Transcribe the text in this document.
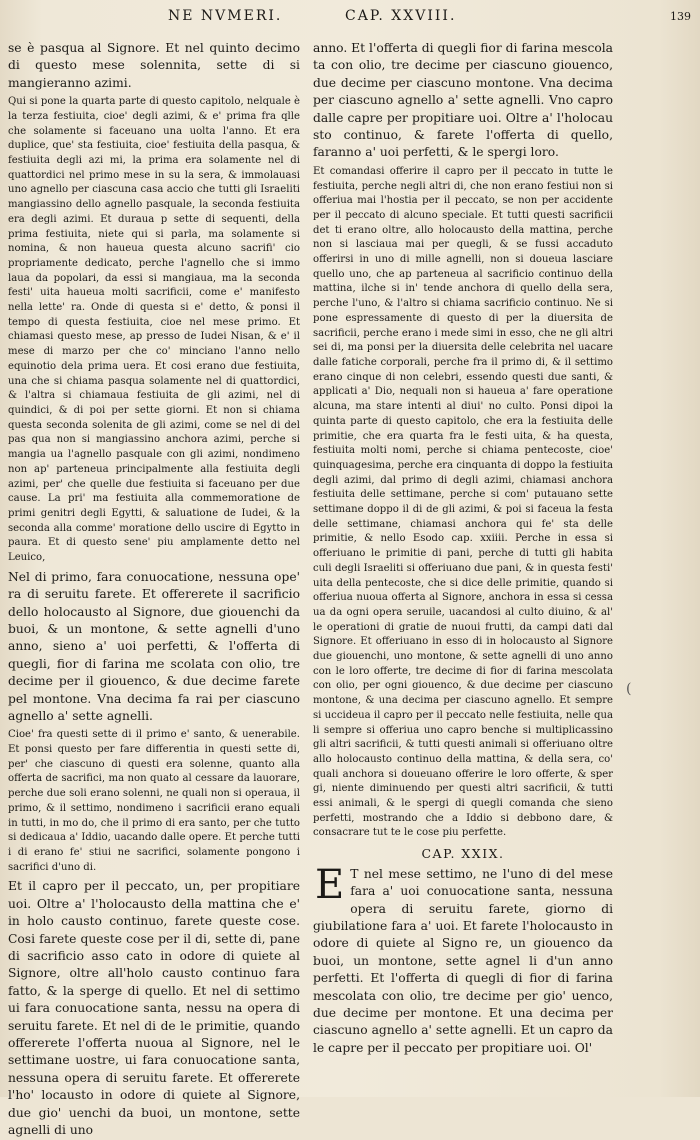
NE NVMERI.	CAP. XXVIII.	139

se è pasqua al Signore. Et nel quinto decimo di questo mese solennita, sette di si mangieranno azimi.

Qui si pone la quarta parte di questo capitolo, nelquale è la terza festiuita, cioe' degli azimi, & e' prima fra qlle che solamente si faceuano una uolta l'anno. Et era duplice, que' sta festiuita, cioe' festiuita della pasqua, & festiuita degli azi mi, la prima era solamente nel di quattordici nel primo mese in su la sera, & immolauasi uno agnello per ciascuna casa accio che tutti gli Israeliti mangiassino dello agnello pasquale, la seconda festiuita era degli azimi. Et duraua p sette di sequenti, della prima festiuita, niete qui si parla, ma solamente si nomina, & non haueua questa alcuno sacrifi' cio propriamente dedicato, perche l'agnello che si immo laua da popolari, da essi si mangiaua, ma la seconda festi' uita haueua molti sacrificii, come e' manifesto nella lette' ra. Onde di questa si e' detto, & ponsi il tempo di questa festiuita, cioe nel mese primo. Et chiamasi questo mese, ap presso de Iudei Nisan, & e' il mese di marzo per che co' minciano l'anno nello equinotio dela prima uera. Et cosi erano due festiuita, una che si chiama pasqua solamente nel di quattordici, & l'altra si chiamaua festiuita de gli azimi, nel di quindici, & di poi per sette giorni. Et non si chiama questa seconda solenita de gli azimi, come se nel di del pas qua non si mangiassino anchora azimi, perche si mangia ua l'agnello pasquale con gli azimi, nondimeno non ap' parteneua principalmente alla festiuita degli azimi, per' che quelle due festiuita si faceuano per due cause. La pri' ma festiuita alla commemoratione de primi genitri degli Egytti, & saluatione de Iudei, & la seconda alla comme' moratione dello uscire di Egytto in paura. Et di questo sene' piu amplamente detto nel Leuico,

Nel di primo, fara conuocatione, nessuna ope' ra di seruitu farete. Et offererete il sacrificio dello holocausto al Signore, due giouenchi da buoi, & un montone, & sette agnelli d'uno anno, sieno a' uoi perfetti, & l'offerta di quegli, fior di farina me scolata con olio, tre decime per il giouenco, & due decime farete pel montone. Vna decima fa rai per ciascuno agnello a' sette agnelli.

Cioe' fra questi sette di il primo e' santo, & uenerabile. Et ponsi questo per fare differentia in questi sette di, per' che ciascuno di questi era solenne, quanto alla offerta de sacrifici, ma non quato al cessare da lauorare, perche due soli erano solenni, ne quali non si operaua, il primo, & il settimo, nondimeno i sacrificii erano equali in tutti, in mo do, che il primo di era santo, per che tutto si dedicaua a' Iddio, uacando dalle opere. Et perche tutti i di erano fe' stiui ne sacrifici, solamente pongono i sacrifici d'uno di.

Et il capro per il peccato, un, per propitiare uoi. Oltre a' l'holocausto della mattina che e' in holo causto continuo, farete queste cose. Cosi farete queste cose per il di, sette di, pane di sacrificio asso cato in odore di quiete al Signore, oltre all'holo causto continuo fara fatto, & la sperge di quello. Et nel di settimo ui fara conuocatione santa, nessu na opera di seruitu farete. Et nel di de le primitie, quando offererete l'offerta nuoua al Signore, nel le settimane uostre, ui fara conuocatione santa, nessuna opera di seruitu farete. Et offererete l'ho' locausto in odore di quiete al Signore, due gio' uenchi da buoi, un montone, sette agnelli di uno

anno. Et l'offerta di quegli fior di farina mescola ta con olio, tre decime per ciascuno giouenco, due decime per ciascuno montone. Vna decima per ciascuno agnello a' sette agnelli. Vno capro dalle capre per propitiare uoi. Oltre a' l'holocau sto continuo, & farete l'offerta di quello, faranno a' uoi perfetti, & le spergi loro.

Et comandasi offerire il capro per il peccato in tutte le festiuita, perche negli altri di, che non erano festiui non si offeriua mai l'hostia per il peccato, se non per accidente per il peccato di alcuno speciale. Et tutti questi sacrificii det ti erano oltre, allo holocausto della mattina, perche non si lasciaua mai per quegli, & se fussi accaduto offerirsi in uno di mille agnelli, non si doueua lasciare quello uno, che ap parteneua al sacrificio continuo della mattina, ilche si in' tende anchora di quello della sera, perche l'uno, & l'altro si chiama sacrificio continuo. Ne si pone espressamente di questo di per la diuersita de sacrificii, perche erano i mede simi in esso, che ne gli altri sei di, ma ponsi per la diuersita delle celebrita nel uacare dalle fatiche corporali, perche fra il primo di, & il settimo erano cinque di non celebri, essendo questi due santi, & applicati a' Dio, nequali non si haueua a' fare operatione alcuna, ma stare intenti al diui' no culto. Ponsi dipoi la quinta parte di questo capitolo, che era la festiuita delle primitie, che era quarta fra le festi uita, & ha questa, festiuita molti nomi, perche si chiama pentecoste, cioe' quinquagesima, perche era cinquanta di doppo la festiuita degli azimi, dal primo di degli azimi, chiamasi anchora festiuita delle settimane, perche si com' putauano sette settimane doppo il di de gli azimi, & poi si faceua la festa delle settimane, chiamasi anchora qui fe' sta delle primitie, & nello Esodo cap. xxiiii. Perche in essa si offeriuano le primitie di pani, perche di tutti gli habita culi degli Israeliti si offeriuano due pani, & in questa festi' uita della pentecoste, che si dice delle primitie, quando si offeriua nuoua offerta al Signore, anchora in essa si cessa ua da ogni opera seruile, uacandosi al culto diuino, & al' le operationi di gratie de nuoui frutti, da campi dati dal Signore. Et offeriuano in esso di in holocausto al Signore due giouenchi, uno montone, & sette agnelli di uno anno con le loro offerte, tre decime di fior di farina mescolata con olio, per ogni giouenco, & due decime per ciascuno montone, & una decima per ciascuno agnello. Et sempre si uccideua il capro per il peccato nelle festiuita, nelle qua li sempre si offeriua uno capro benche si multiplicassino gli altri sacrificii, & tutti questi animali si offeriuano oltre allo holocausto continuo della mattina, & della sera, co' quali anchora si doueuano offerire le loro offerte, & sper gi, niente diminuendo per questi altri sacrificii, & tutti essi animali, & le spergi di quegli comanda che sieno perfetti, mostrando che a Iddio si debbono dare, & consacrare tut te le cose piu perfette.

CAP. XXIX.

E T nel mese settimo, ne l'uno di del mese fara a' uoi conuocatione santa, nessuna opera di seruitu farete, giorno di giubilatione fara a' uoi. Et farete l'holocausto in odore di quiete al Signo re, un giouenco da buoi, un montone, sette agnel li d'un anno perfetti. Et l'offerta di quegli di fior di farina mescolata con olio, tre decime per gio' uenco, due decime per montone. Et una decima per ciascuno agnello a' sette agnelli. Et un capro da le capre per il peccato per propitiare uoi. Ol'

(
